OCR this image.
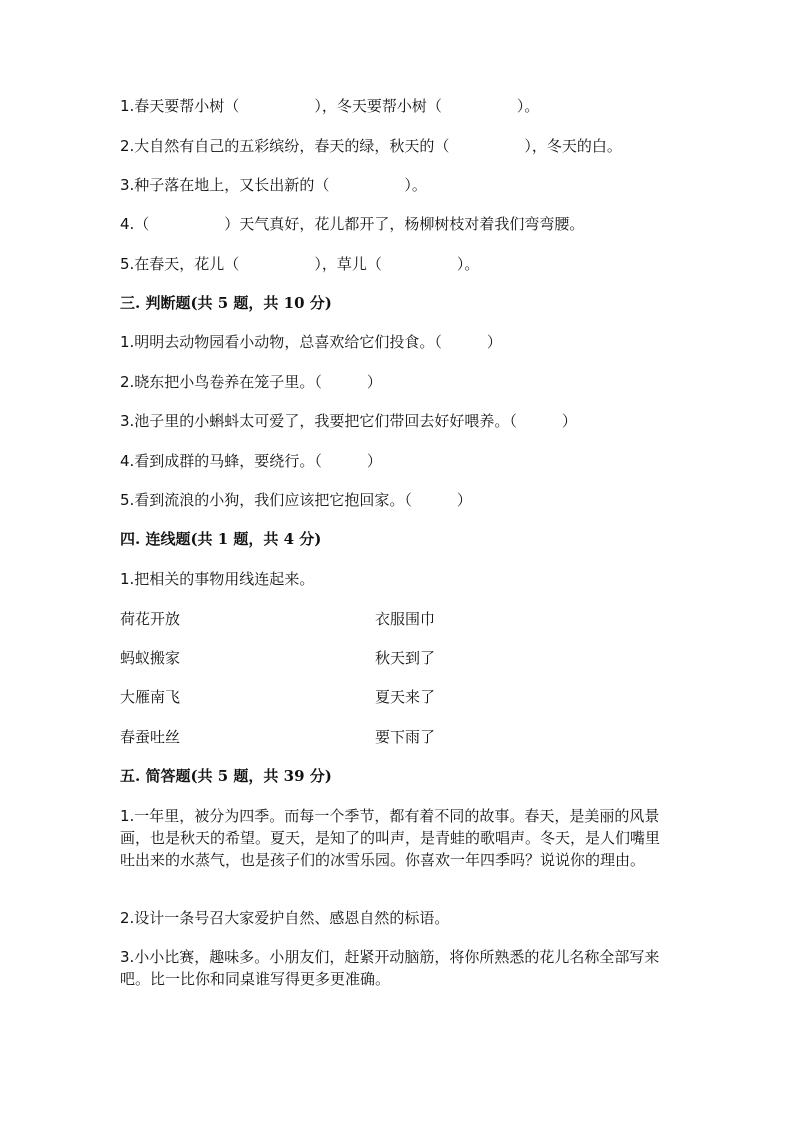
1.春天要帮小树（　　　　　），冬天要帮小树（　　　　　）。
2.大自然有自己的五彩缤纷，春天的绿，秋天的（　　　　　），冬天的白。
3.种子落在地上，又长出新的（　　　　　）。
4.（　　　　　）天气真好，花儿都开了，杨柳树枝对着我们弯弯腰。
5.在春天，花儿（　　　　　），草儿（　　　　　）。
三. 判断题(共 5 题，共 10 分)
1.明明去动物园看小动物，总喜欢给它们投食。（　　　）
2.晓东把小鸟卷养在笼子里。（　　　）
3.池子里的小蝌蚪太可爱了，我要把它们带回去好好喂养。（　　　）
4.看到成群的马蜂，要绕行。（　　　）
5.看到流浪的小狗，我们应该把它抱回家。（　　　）
四. 连线题(共 1 题，共 4 分)
1.把相关的事物用线连起来。
荷花开放	衣服围巾
蚂蚁搬家	秋天到了
大雁南飞	夏天来了
春蚕吐丝	要下雨了
五. 简答题(共 5 题，共 39 分)
1.一年里，被分为四季。而每一个季节，都有着不同的故事。春天，是美丽的风景画，也是秋天的希望。夏天，是知了的叫声，是青蛙的歌唱声。冬天，是人们嘴里吐出来的水蒸气，也是孩子们的冰雪乐园。你喜欢一年四季吗？说说你的理由。
2.设计一条号召大家爱护自然、感恩自然的标语。
3.小小比赛，趣味多。小朋友们，赶紧开动脑筋，将你所熟悉的花儿名称全部写来吧。比一比你和同桌谁写得更多更准确。
